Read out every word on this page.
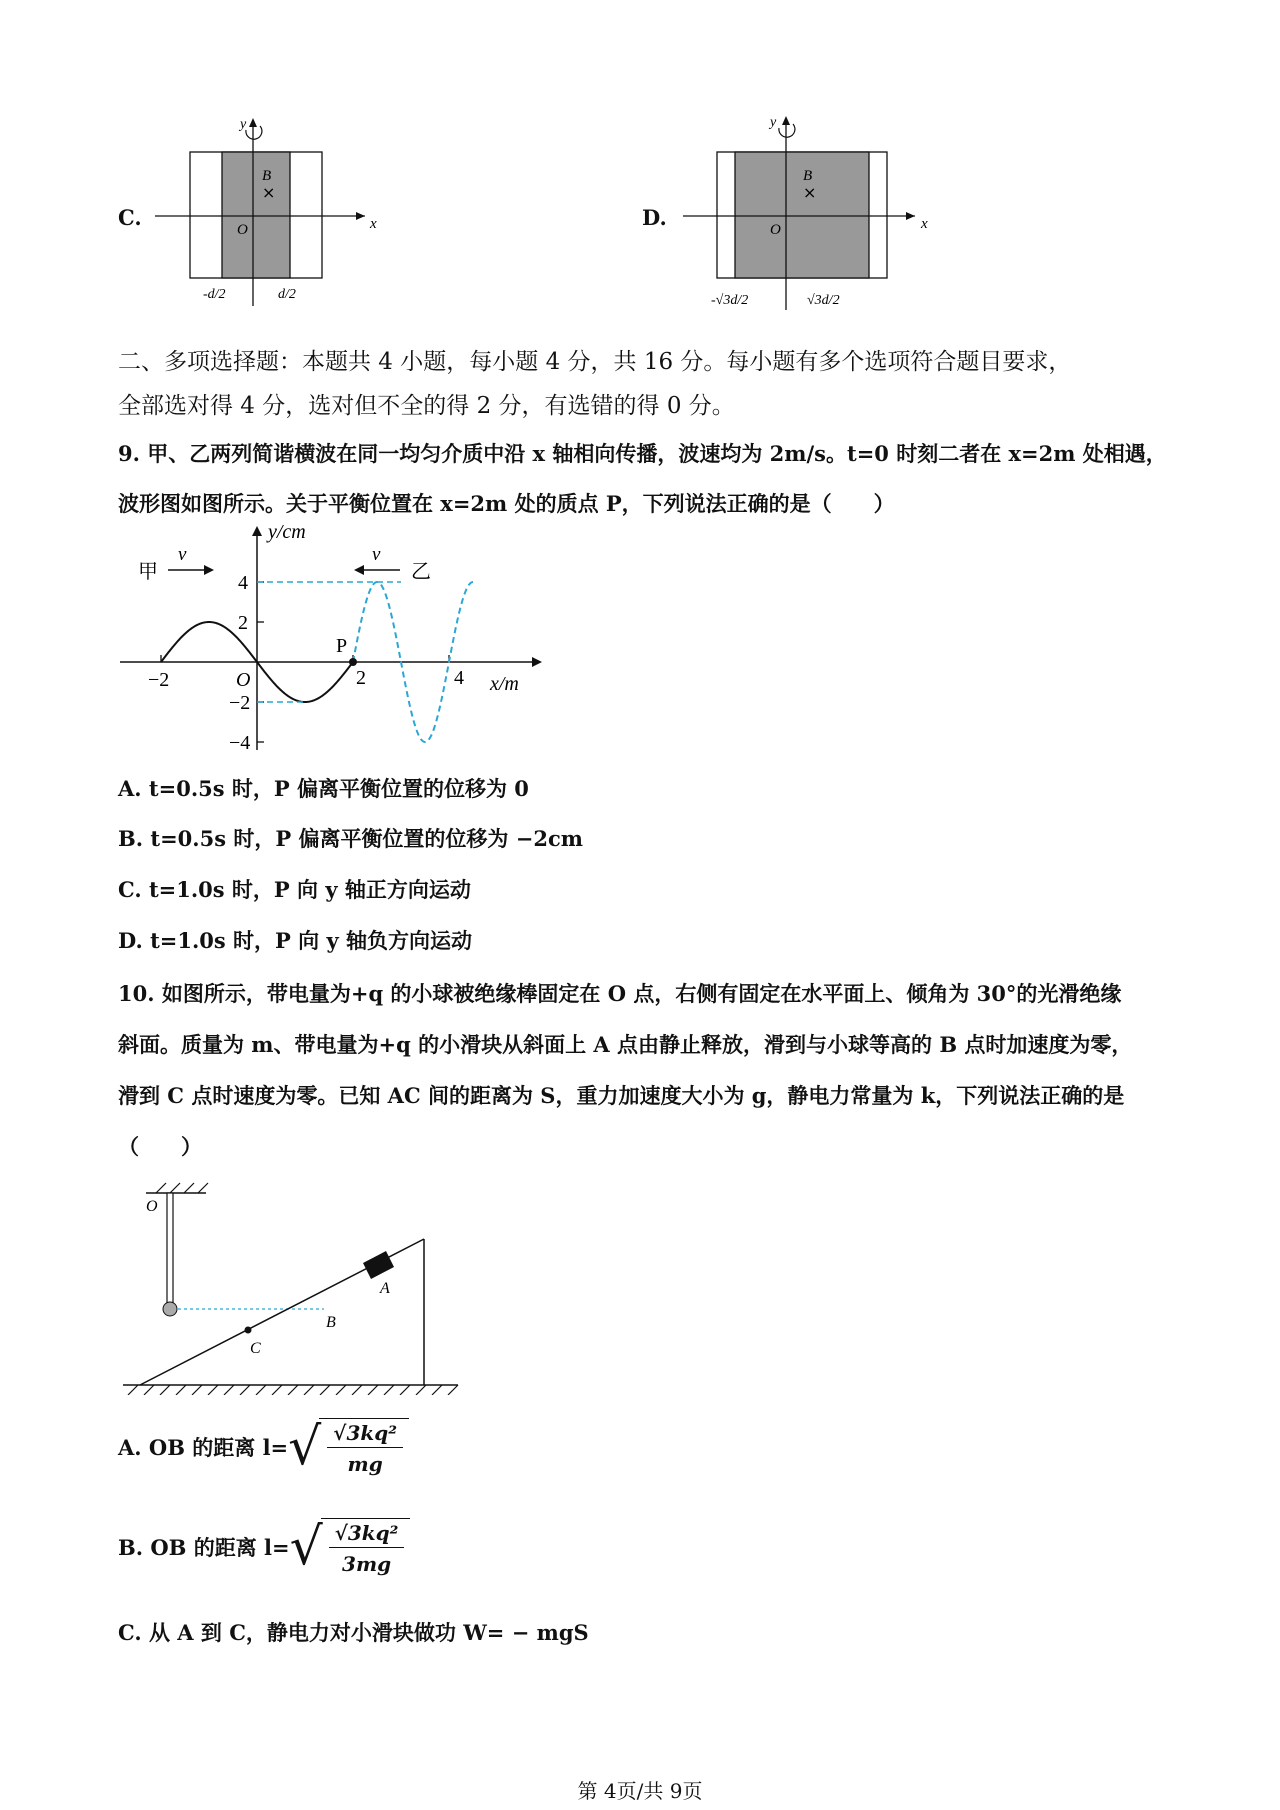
C.
y
x
O
B
×
-d/2	d/2
D.
y
x
O
B
×
-√3d/2	√3d/2
二、多项选择题：本题共 4 小题，每小题 4 分，共 16 分。每小题有多个选项符合题目要求，
全部选对得 4 分，选对但不全的得 2 分，有选错的得 0 分。
9. 甲、乙两列简谐横波在同一均匀介质中沿 x 轴相向传播，波速均为 2m/s。t=0 时刻二者在 x=2m 处相遇，
波形图如图所示。关于平衡位置在 x=2m 处的质点 P，下列说法正确的是（　　）
y/cm
x/m
O
甲	乙
v	v
P
4
2
−2
−4
−2	2	4
A. t=0.5s 时，P 偏离平衡位置的位移为 0
B. t=0.5s 时，P 偏离平衡位置的位移为 −2cm
C. t=1.0s 时，P 向 y 轴正方向运动
D. t=1.0s 时，P 向 y 轴负方向运动
10. 如图所示，带电量为+q 的小球被绝缘棒固定在 O 点，右侧有固定在水平面上、倾角为 30°的光滑绝缘
斜面。质量为 m、带电量为+q 的小滑块从斜面上 A 点由静止释放，滑到与小球等高的 B 点时加速度为零，
滑到 C 点时速度为零。已知 AC 间的距离为 S，重力加速度大小为 g，静电力常量为 k，下列说法正确的是
（　　）
O
A
B
C
A. OB 的距离 l= √ $\frac{\text{√3kq²}}{mg}$
B. OB 的距离 l= √ $\frac{\text{√3kq²}}{3mg}$
C. 从 A 到 C，静电力对小滑块做功 W= − mgS
第 4页/共 9页
